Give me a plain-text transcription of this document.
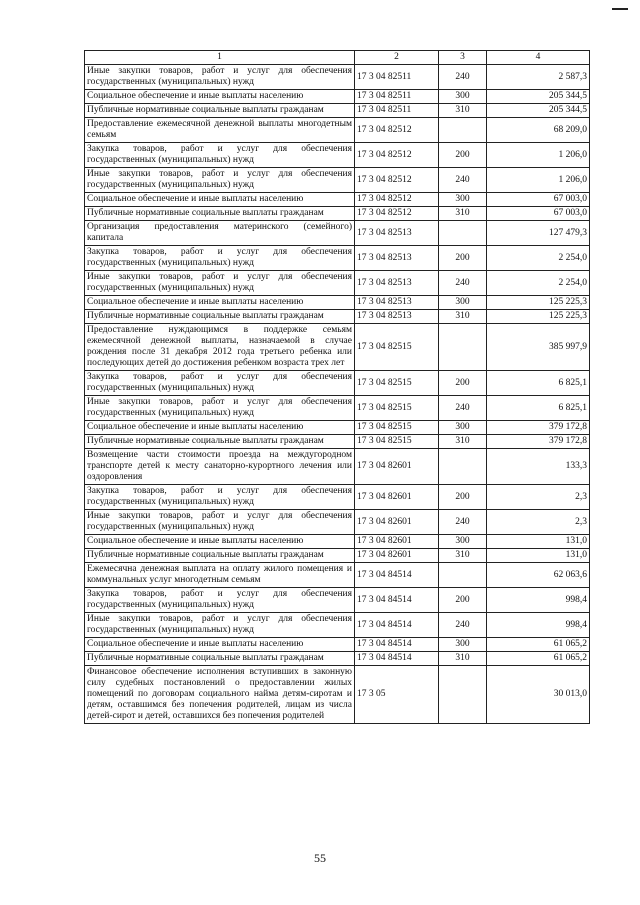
1	2	3	4
Иные закупки товаров, работ и услуг для обеспечения государственных (муниципальных) нужд	17 3 04 82511	240	2 587,3
Социальное обеспечение и иные выплаты населению	17 3 04 82511	300	205 344,5
Публичные нормативные социальные выплаты гражданам	17 3 04 82511	310	205 344,5
Предоставление ежемесячной денежной выплаты многодетным семьям	17 3 04 82512		68 209,0
Закупка товаров, работ и услуг для обеспечения государственных (муниципальных) нужд	17 3 04 82512	200	1 206,0
Иные закупки товаров, работ и услуг для обеспечения государственных (муниципальных) нужд	17 3 04 82512	240	1 206,0
Социальное обеспечение и иные выплаты населению	17 3 04 82512	300	67 003,0
Публичные нормативные социальные выплаты гражданам	17 3 04 82512	310	67 003,0
Организация предоставления материнского (семейного) капитала	17 3 04 82513		127 479,3
Закупка товаров, работ и услуг для обеспечения государственных (муниципальных) нужд	17 3 04 82513	200	2 254,0
Иные закупки товаров, работ и услуг для обеспечения государственных (муниципальных) нужд	17 3 04 82513	240	2 254,0
Социальное обеспечение и иные выплаты населению	17 3 04 82513	300	125 225,3
Публичные нормативные социальные выплаты гражданам	17 3 04 82513	310	125 225,3
Предоставление нуждающимся в поддержке семьям ежемесячной денежной выплаты, назначаемой в случае рождения после 31 декабря 2012 года третьего ребенка или последующих детей до достижения ребенком возраста трех лет	17 3 04 82515		385 997,9
Закупка товаров, работ и услуг для обеспечения государственных (муниципальных) нужд	17 3 04 82515	200	6 825,1
Иные закупки товаров, работ и услуг для обеспечения государственных (муниципальных) нужд	17 3 04 82515	240	6 825,1
Социальное обеспечение и иные выплаты населению	17 3 04 82515	300	379 172,8
Публичные нормативные социальные выплаты гражданам	17 3 04 82515	310	379 172,8
Возмещение части стоимости проезда на междугородном транспорте детей к месту санаторно-курортного лечения или оздоровления	17 3 04 82601		133,3
Закупка товаров, работ и услуг для обеспечения государственных (муниципальных) нужд	17 3 04 82601	200	2,3
Иные закупки товаров, работ и услуг для обеспечения государственных (муниципальных) нужд	17 3 04 82601	240	2,3
Социальное обеспечение и иные выплаты населению	17 3 04 82601	300	131,0
Публичные нормативные социальные выплаты гражданам	17 3 04 82601	310	131,0
Ежемесячна денежная выплата на оплату жилого помещения и коммунальных услуг многодетным семьям	17 3 04 84514		62 063,6
Закупка товаров, работ и услуг для обеспечения государственных (муниципальных) нужд	17 3 04 84514	200	998,4
Иные закупки товаров, работ и услуг для обеспечения государственных (муниципальных) нужд	17 3 04 84514	240	998,4
Социальное обеспечение и иные выплаты населению	17 3 04 84514	300	61 065,2
Публичные нормативные социальные выплаты гражданам	17 3 04 84514	310	61 065,2
Финансовое обеспечение исполнения вступивших в законную силу судебных постановлений о предоставлении жилых помещений по договорам социального найма детям-сиротам и детям, оставшимся без попечения родителей, лицам из числа детей-сирот и детей, оставшихся без попечения родителей	17 3 05		30 013,0
55
